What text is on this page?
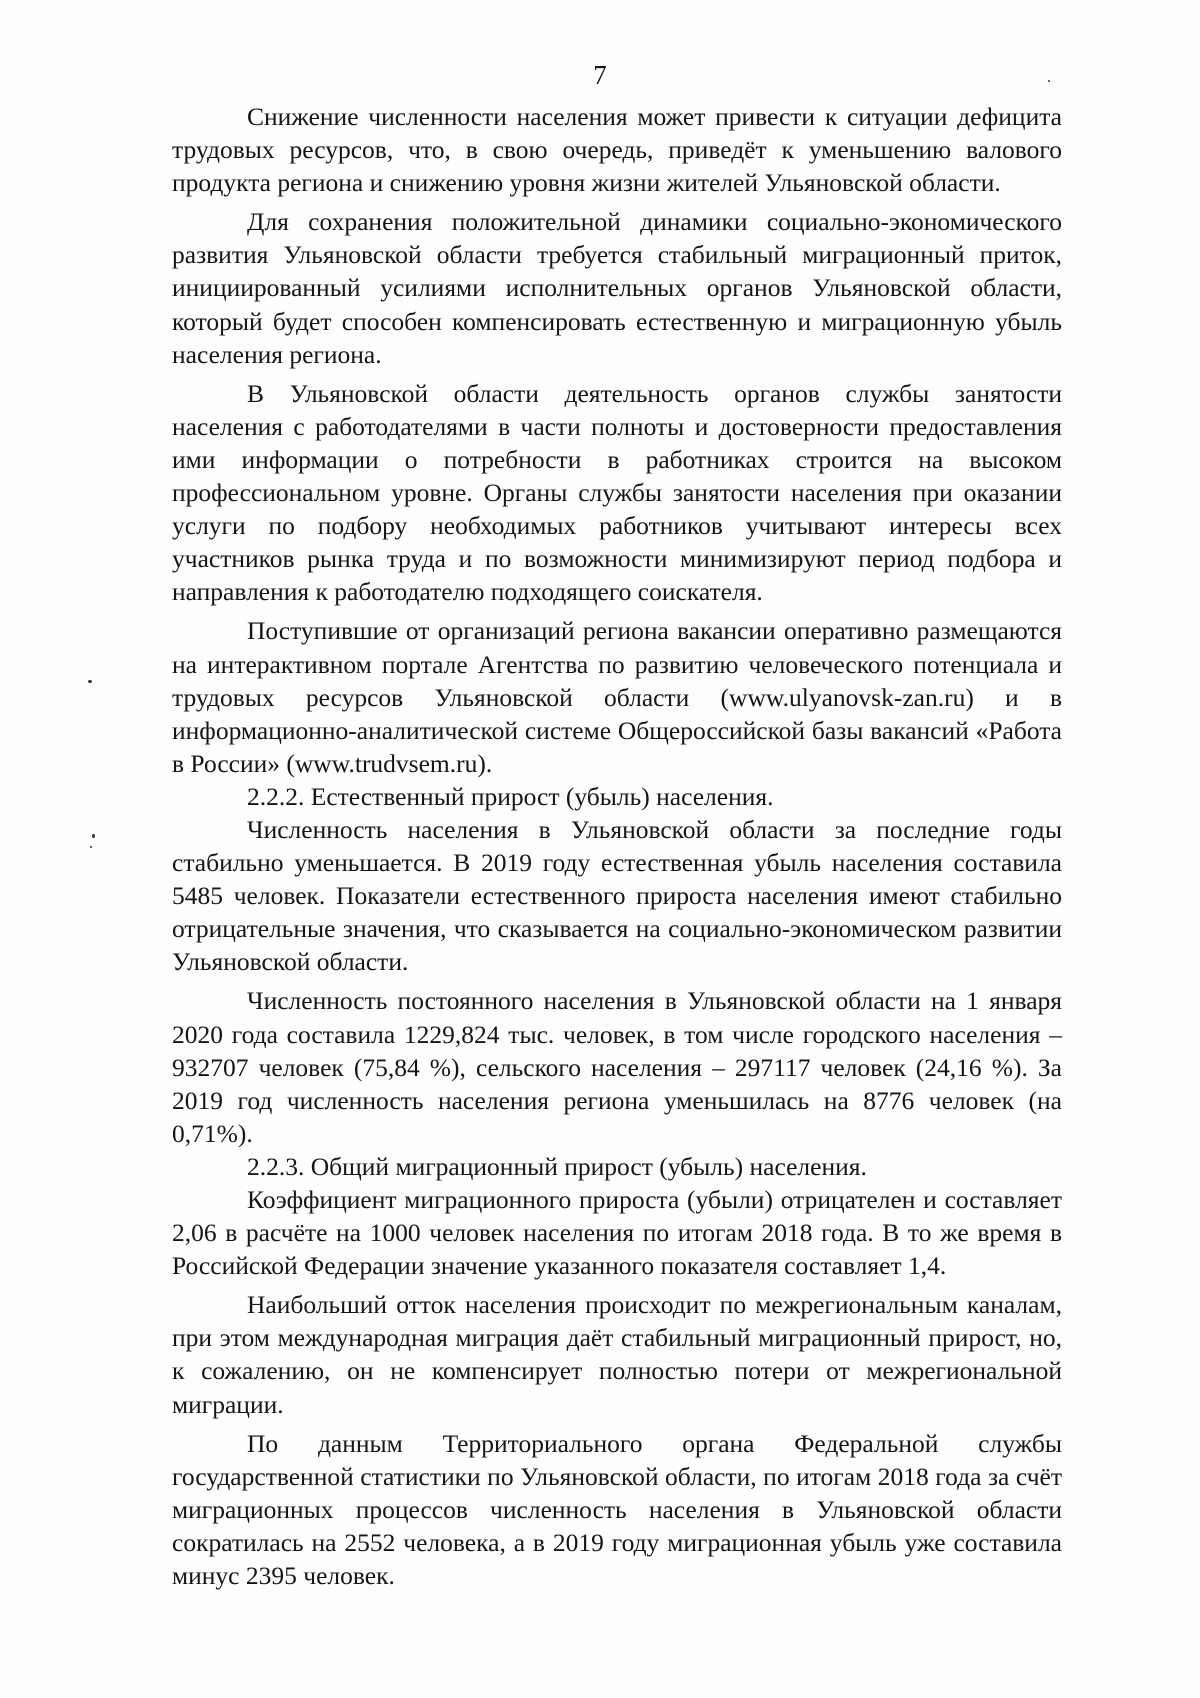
7

Снижение численности населения может привести к ситуации дефицита трудовых ресурсов, что, в свою очередь, приведёт к уменьшению валового продукта региона и снижению уровня жизни жителей Ульяновской области.

Для сохранения положительной динамики социально-экономического развития Ульяновской области требуется стабильный миграционный приток, инициированный усилиями исполнительных органов Ульяновской области, который будет способен компенсировать естественную и миграционную убыль населения региона.

В Ульяновской области деятельность органов службы занятости населения с работодателями в части полноты и достоверности предоставления ими информации о потребности в работниках строится на высоком профессиональном уровне. Органы службы занятости населения при оказании услуги по подбору необходимых работников учитывают интересы всех участников рынка труда и по возможности минимизируют период подбора и направления к работодателю подходящего соискателя.

Поступившие от организаций региона вакансии оперативно размещаются на интерактивном портале Агентства по развитию человеческого потенциала и трудовых ресурсов Ульяновской области (www.ulyanovsk-zan.ru) и в информационно-аналитической системе Общероссийской базы вакансий «Работа в России» (www.trudvsem.ru).

2.2.2. Естественный прирост (убыль) населения.

Численность населения в Ульяновской области за последние годы стабильно уменьшается. В 2019 году естественная убыль населения составила 5485 человек. Показатели естественного прироста населения имеют стабильно отрицательные значения, что сказывается на социально-экономическом развитии Ульяновской области.

Численность постоянного населения в Ульяновской области на 1 января 2020 года составила 1229,824 тыс. человек, в том числе городского населения – 932707 человек (75,84 %), сельского населения – 297117 человек (24,16 %). За 2019 год численность населения региона уменьшилась на 8776 человек (на 0,71%).

2.2.3. Общий миграционный прирост (убыль) населения.

Коэффициент миграционного прироста (убыли) отрицателен и составляет 2,06 в расчёте на 1000 человек населения по итогам 2018 года. В то же время в Российской Федерации значение указанного показателя составляет 1,4.

Наибольший отток населения происходит по межрегиональным каналам, при этом международная миграция даёт стабильный миграционный прирост, но, к сожалению, он не компенсирует полностью потери от межрегиональной миграции.

По данным Территориального органа Федеральной службы государственной статистики по Ульяновской области, по итогам 2018 года за счёт миграционных процессов численность населения в Ульяновской области сократилась на 2552 человека, а в 2019 году миграционная убыль уже составила минус 2395 человек.
